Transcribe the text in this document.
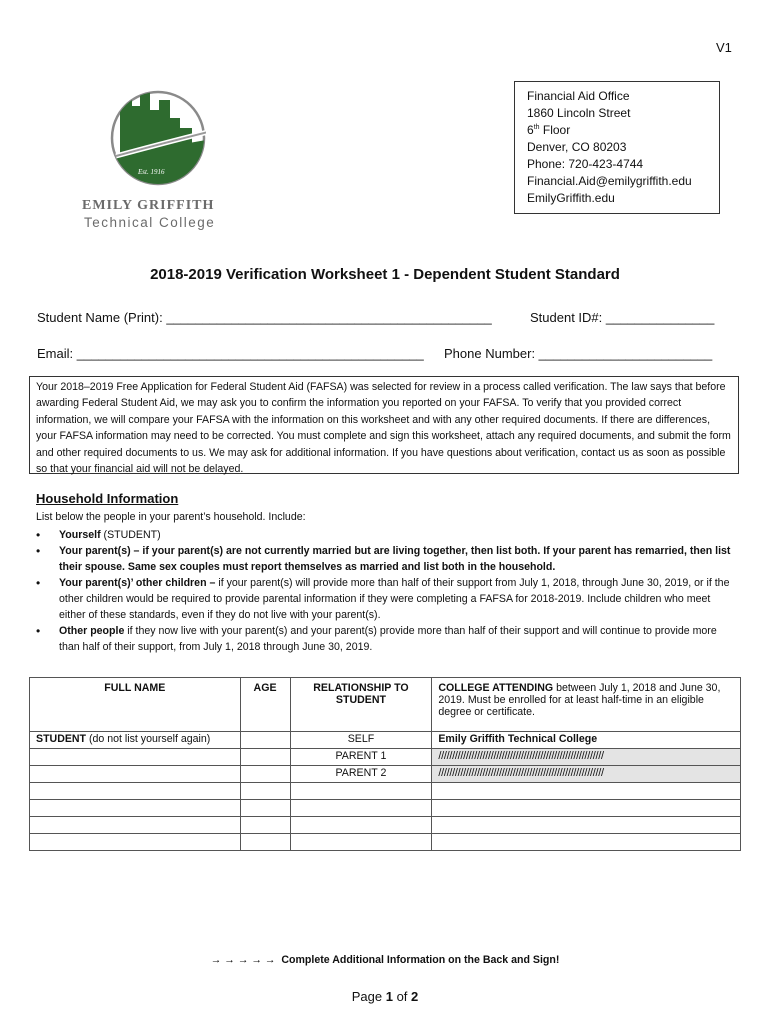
V1
Est. 1916
EMILY GRIFFITH
Technical College
Financial Aid Office
1860 Lincoln Street
6th Floor
Denver, CO 80203
Phone: 720-423-4744
Financial.Aid@emilygriffith.edu
EmilyGriffith.edu
2018-2019 Verification Worksheet 1 - Dependent Student Standard
Student Name (Print): _____________________________________________	Student ID#: _______________
Email: ________________________________________________ Phone Number: ________________________
Your 2018–2019 Free Application for Federal Student Aid (FAFSA) was selected for review in a process called verification. The law says that before awarding Federal Student Aid, we may ask you to confirm the information you reported on your FAFSA. To verify that you provided correct information, we will compare your FAFSA with the information on this worksheet and with any other required documents. If there are differences, your FAFSA information may need to be corrected. You must complete and sign this worksheet, attach any required documents, and submit the form and other required documents to us. We may ask for additional information. If you have questions about verification, contact us as soon as possible so that your financial aid will not be delayed.
Household Information
List below the people in your parent’s household. Include:
• Yourself (STUDENT)
• Your parent(s) – if your parent(s) are not currently married but are living together, then list both. If your parent has remarried, then list their spouse. Same sex couples must report themselves as married and list both in the household.
• Your parent(s)’ other children – if your parent(s) will provide more than half of their support from July 1, 2018, through June 30, 2019, or if the other children would be required to provide parental information if they were completing a FAFSA for 2018-2019. Include children who meet either of these standards, even if they do not live with your parent(s).
• Other people if they now live with your parent(s) and your parent(s) provide more than half of their support and will continue to provide more than half of their support, from July 1, 2018 through June 30, 2019.
FULL NAME	AGE	RELATIONSHIP TO STUDENT	COLLEGE ATTENDING between July 1, 2018 and June 30, 2019. Must be enrolled for at least half-time in an eligible degree or certificate.
STUDENT (do not list yourself again)		SELF	Emily Griffith Technical College
		PARENT 1	////////////////////////////////////////////////////////////
		PARENT 2	////////////////////////////////////////////////////////////

→ → → → → Complete Additional Information on the Back and Sign!
Page 1 of 2
